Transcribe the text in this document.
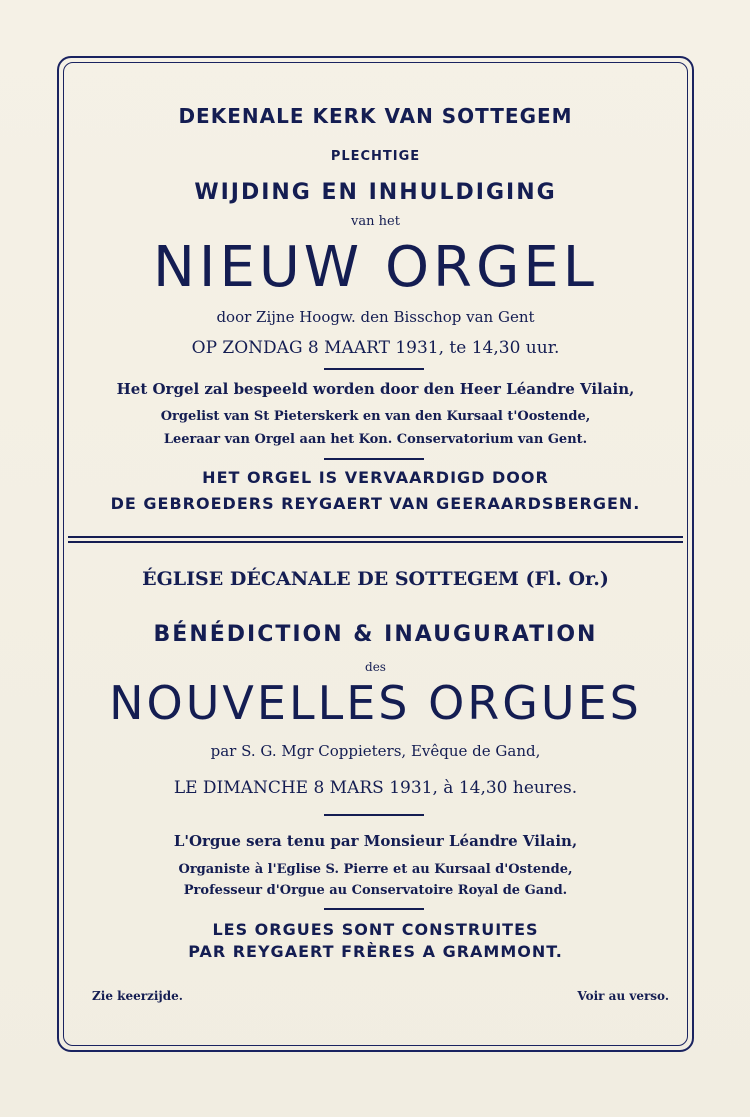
DEKENALE KERK VAN SOTTEGEM
PLECHTIGE
WIJDING EN INHULDIGING
van het
NIEUW ORGEL
door Zijne Hoogw. den Bisschop van Gent
OP ZONDAG 8 MAART 1931, te 14,30 uur.
Het Orgel zal bespeeld worden door den Heer Léandre Vilain,
Orgelist van St Pieterskerk en van den Kursaal t'Oostende,
Leeraar van Orgel aan het Kon. Conservatorium van Gent.
HET ORGEL IS VERVAARDIGD DOOR
DE GEBROEDERS REYGAERT VAN GEERAARDSBERGEN.
ÉGLISE DÉCANALE DE SOTTEGEM (Fl. Or.)
BÉNÉDICTION & INAUGURATION
des
NOUVELLES ORGUES
par S. G. Mgr Coppieters, Evêque de Gand,
LE DIMANCHE 8 MARS 1931, à 14,30 heures.
L'Orgue sera tenu par Monsieur Léandre Vilain,
Organiste à l'Eglise S. Pierre et au Kursaal d'Ostende,
Professeur d'Orgue au Conservatoire Royal de Gand.
LES ORGUES SONT CONSTRUITES
PAR REYGAERT FRÈRES A GRAMMONT.
Zie keerzijde.	Voir au verso.
